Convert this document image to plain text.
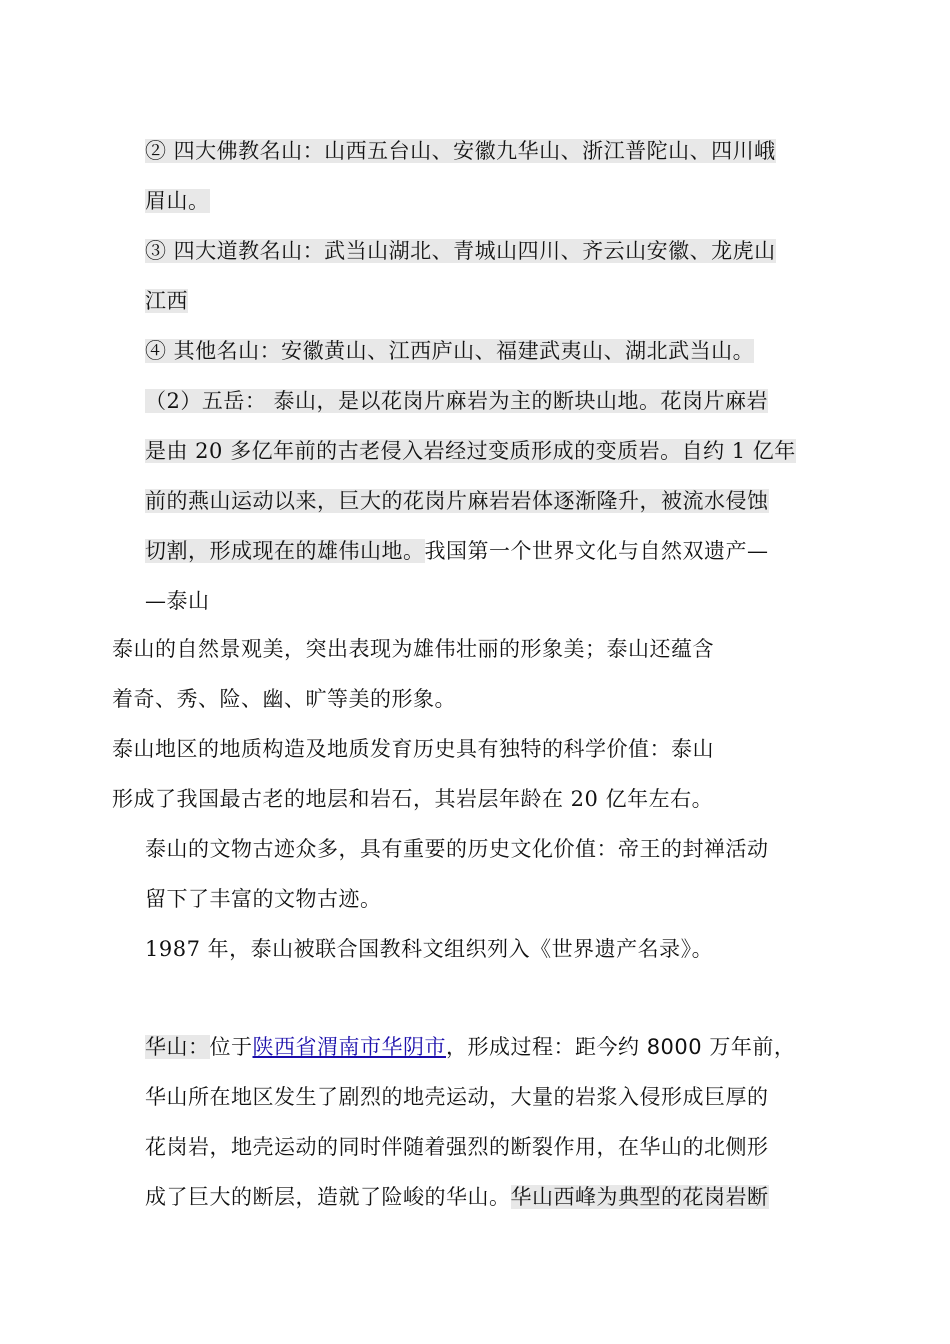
② 四大佛教名山：山西五台山、安徽九华山、浙江普陀山、四川峨
眉山。
③ 四大道教名山：武当山湖北、青城山四川、齐云山安徽、龙虎山
江西
④ 其他名山：安徽黄山、江西庐山、福建武夷山、湖北武当山。
（2）五岳： 泰山，是以花岗片麻岩为主的断块山地。花岗片麻岩
是由 20 多亿年前的古老侵入岩经过变质形成的变质岩。自约 1 亿年
前的燕山运动以来，巨大的花岗片麻岩岩体逐渐隆升，被流水侵蚀
切割，形成现在的雄伟山地。我国第一个世界文化与自然双遗产—
—泰山
泰山的自然景观美，突出表现为雄伟壮丽的形象美；泰山还蕴含
着奇、秀、险、幽、旷等美的形象。
泰山地区的地质构造及地质发育历史具有独特的科学价值：泰山
形成了我国最古老的地层和岩石，其岩层年龄在 20 亿年左右。
泰山的文物古迹众多，具有重要的历史文化价值：帝王的封禅活动
留下了丰富的文物古迹。
1987 年，泰山被联合国教科文组织列入《世界遗产名录》。
华山：位于陕西省渭南市华阴市，形成过程：距今约 8000 万年前，
华山所在地区发生了剧烈的地壳运动，大量的岩浆入侵形成巨厚的
花岗岩，地壳运动的同时伴随着强烈的断裂作用，在华山的北侧形
成了巨大的断层，造就了险峻的华山。华山西峰为典型的花岗岩断
